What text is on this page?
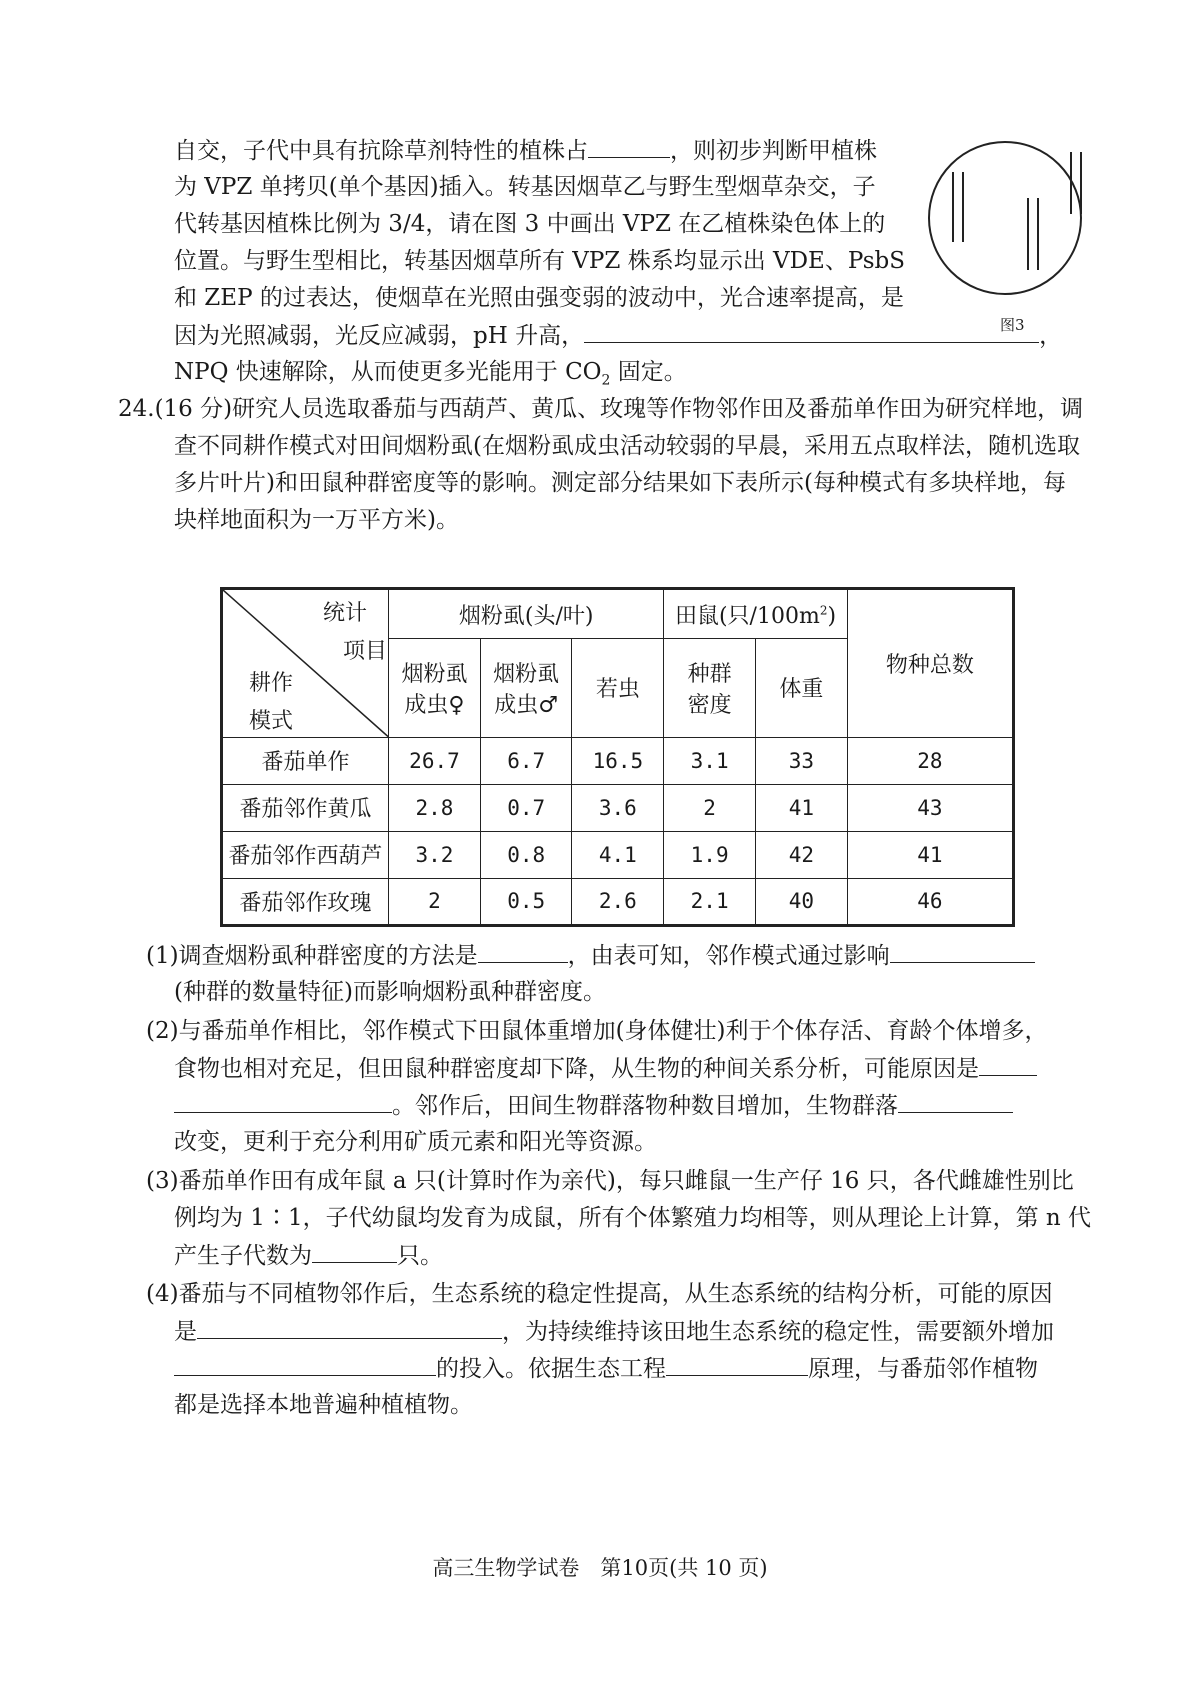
自交，子代中具有抗除草剂特性的植株占	，则初步判断甲植株
为 VPZ 单拷贝(单个基因)插入。转基因烟草乙与野生型烟草杂交，子
代转基因植株比例为 3/4，请在图 3 中画出 VPZ 在乙植株染色体上的
位置。与野生型相比，转基因烟草所有 VPZ 株系均显示出 VDE、PsbS
和 ZEP 的过表达，使烟草在光照由强变弱的波动中，光合速率提高，是
因为光照减弱，光反应减弱，pH 升高，	，
NPQ 快速解除，从而使更多光能用于 $CO_2$ 固定。
图3
24.(16 分)研究人员选取番茄与西葫芦、黄瓜、玫瑰等作物邻作田及番茄单作田为研究样地，调
查不同耕作模式对田间烟粉虱(在烟粉虱成虫活动较弱的早晨，采用五点取样法，随机选取
多片叶片)和田鼠种群密度等的影响。测定部分结果如下表所示(每种模式有多块样地，每
块样地面积为一万平方米)。
统计
项目
耕作
模式	烟粉虱(头/叶)			田鼠(只$/100m^2$)		物种总数
	烟粉虱
成虫♀	烟粉虱
成虫♂	若虫	种群
密度	体重	
番茄单作	26.7	6.7	16.5	3.1	33	28
番茄邻作黄瓜	2.8	0.7	3.6	2	41	43
番茄邻作西葫芦	3.2	0.8	4.1	1.9	42	41
番茄邻作玫瑰	2	0.5	2.6	2.1	40	46
(1)调查烟粉虱种群密度的方法是	，由表可知，邻作模式通过影响
(种群的数量特征)而影响烟粉虱种群密度。
(2)与番茄单作相比，邻作模式下田鼠体重增加(身体健壮)利于个体存活、育龄个体增多，
食物也相对充足，但田鼠种群密度却下降，从生物的种间关系分析，可能原因是
。邻作后，田间生物群落物种数目增加，生物群落
改变，更利于充分利用矿质元素和阳光等资源。
(3)番茄单作田有成年鼠 a 只(计算时作为亲代)，每只雌鼠一生产仔 16 只，各代雌雄性别比
例均为 1∶1，子代幼鼠均发育为成鼠，所有个体繁殖力均相等，则从理论上计算，第 n 代
产生子代数为	只。
(4)番茄与不同植物邻作后，生态系统的稳定性提高，从生态系统的结构分析，可能的原因
是	，为持续维持该田地生态系统的稳定性，需要额外增加
的投入。依据生态工程	原理，与番茄邻作植物
都是选择本地普遍种植植物。
高三生物学试卷　第10页(共 10 页)
